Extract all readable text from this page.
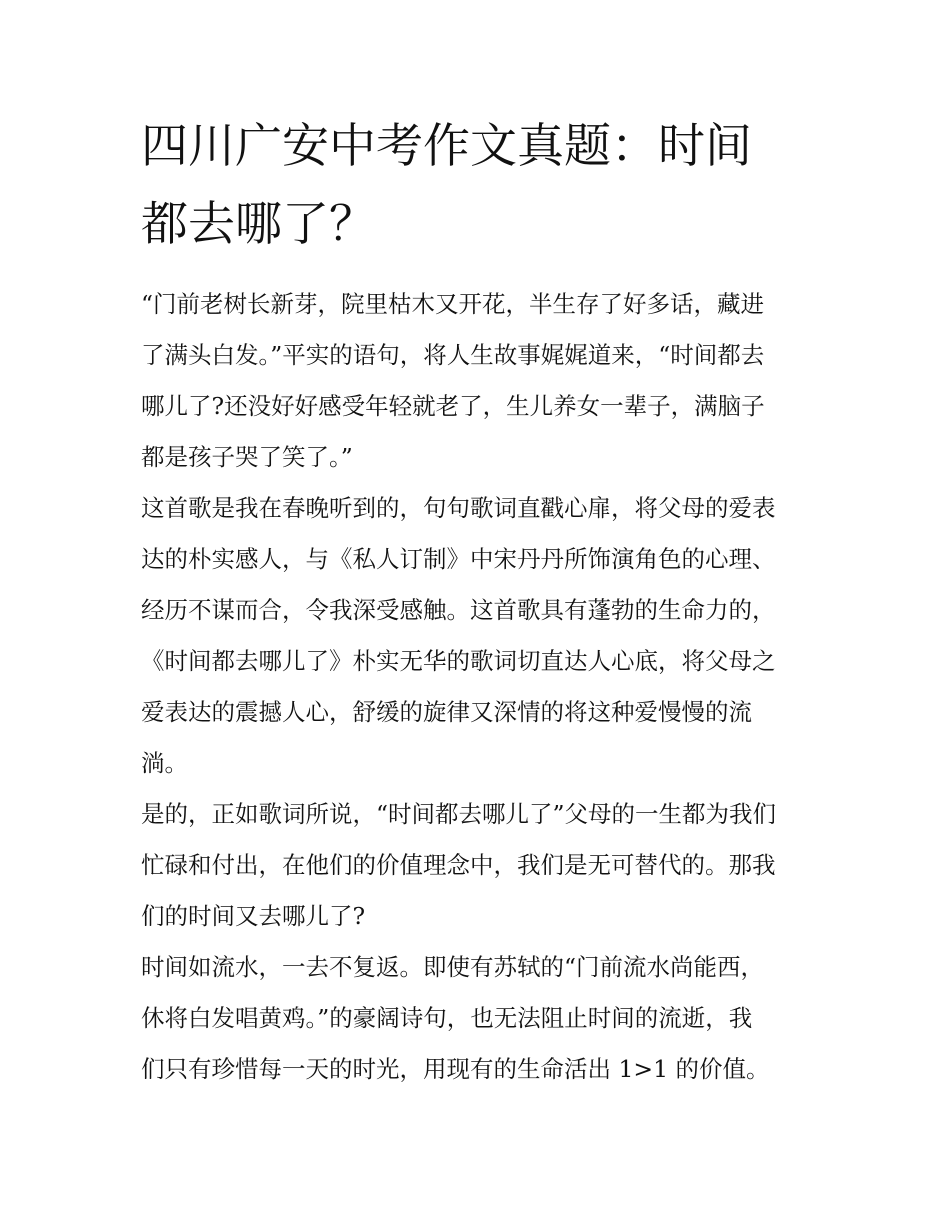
四川广安中考作文真题：时间
都去哪了？
“门前老树长新芽，院里枯木又开花，半生存了好多话，藏进
了满头白发。”平实的语句，将人生故事娓娓道来，“时间都去
哪儿了?还没好好感受年轻就老了，生儿养女一辈子，满脑子
都是孩子哭了笑了。”
这首歌是我在春晚听到的，句句歌词直戳心扉，将父母的爱表
达的朴实感人，与《私人订制》中宋丹丹所饰演角色的心理、
经历不谋而合，令我深受感触。这首歌具有蓬勃的生命力的，
《时间都去哪儿了》朴实无华的歌词切直达人心底，将父母之
爱表达的震撼人心，舒缓的旋律又深情的将这种爱慢慢的流
淌。
是的，正如歌词所说，“时间都去哪儿了”父母的一生都为我们
忙碌和付出，在他们的价值理念中，我们是无可替代的。那我
们的时间又去哪儿了?
时间如流水，一去不复返。即使有苏轼的“门前流水尚能西，
休将白发唱黄鸡。”的豪阔诗句，也无法阻止时间的流逝，我
们只有珍惜每一天的时光，用现有的生命活出 1>1 的价值。
